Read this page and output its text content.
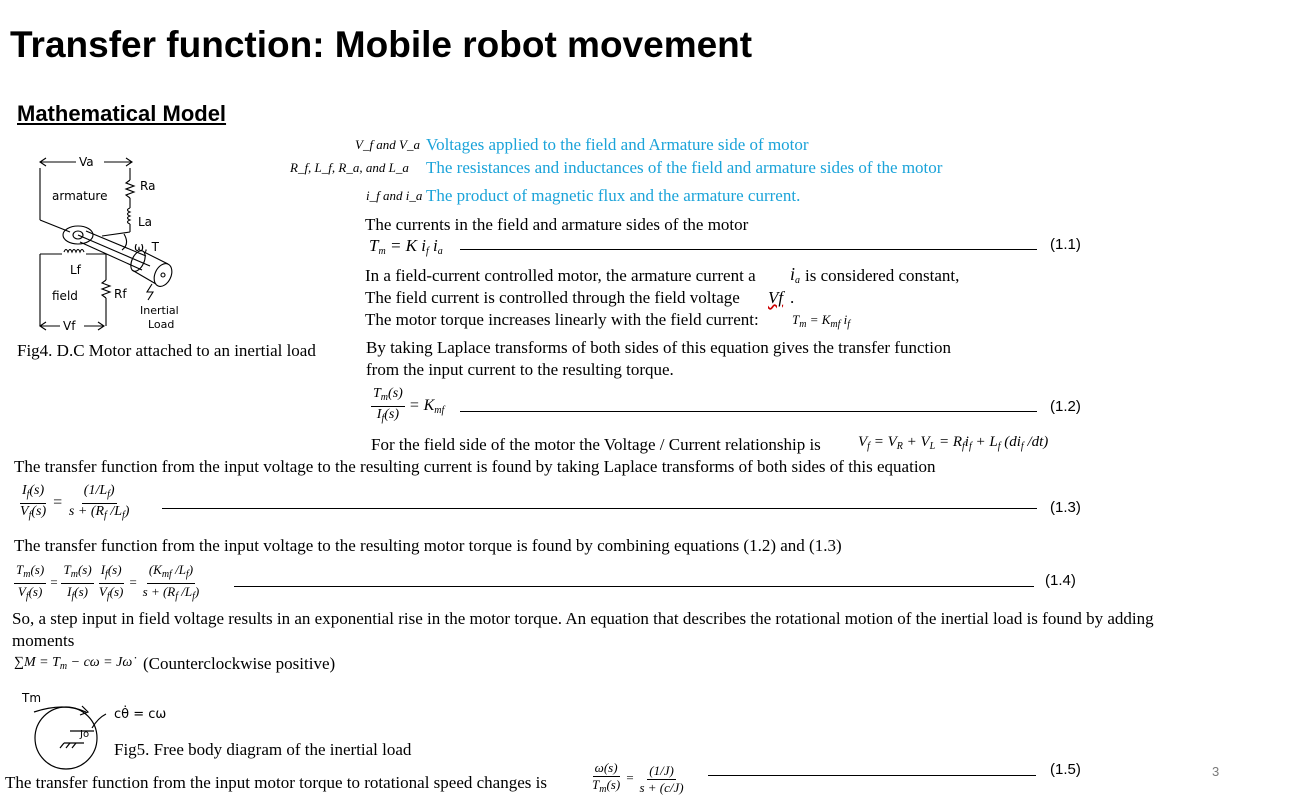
Transfer function: Mobile robot movement
Mathematical Model
Va
armature
Ra
La
ω, T
Lf
field	Rf
Inertial
Load
Vf
Fig4. D.C Motor attached to an inertial load
V_f and V_a Voltages applied to the field and Armature side of motor
R_f, L_f, R_a, and L_a The resistances and inductances of the field and armature sides of the motor
i_f and i_a The product of magnetic flux and the armature current.
The currents in the field and armature sides of the motor
$T_m = K$ $i_f$ $i_a$	(1.1)
In a field-current controlled motor, the armature current a $i_a$ is considered constant,
The field current is controlled through the field voltage Vf .
The motor torque increases linearly with the field current:	$T_m = K_{mf}$ $i_f$
By taking Laplace transforms of both sides of this equation gives the transfer function
from the input current to the resulting torque.
$\frac{T_m(s)}{I_f(s)} = K_{mf}$	(1.2)
For the field side of the motor the Voltage / Current relationship is $V_f = V_R + V_L = R_fi_f + L_f$ ($di_f$ /dt)
The transfer function from the input voltage to the resulting current is found by taking Laplace transforms of both sides of this equation
$\frac{I_f(s)}{V_f(s)} = \frac{(1/L_f)}{s + (R_f /L_f)}$	(1.3)
The transfer function from the input voltage to the resulting motor torque is found by combining equations (1.2) and (1.3)
$\frac{T_m(s)}{V_f(s)} = \frac{T_m(s)}{I_f(s)}$
$\frac{I_f(s)}{V_f(s)} = \frac{(K_{mf} /L_f)}{s + (R_f /L_f)}$	(1.4)
So, a step input in field voltage results in an exponential rise in the motor torque. An equation that describes the rotational motion of the inertial load is found by adding
moments
$\sum M = T_m - c\omega$ = Jω̇ (Counterclockwise positive)
Tm
cθ̇ = cω
Jo
Fig5. Free body diagram of the inertial load
The transfer function from the input motor torque to rotational speed changes is	$\frac{\omega(s)}{T_m(s)} = \frac{(1/J)}{s + (c/J)}$	(1.5)	3
